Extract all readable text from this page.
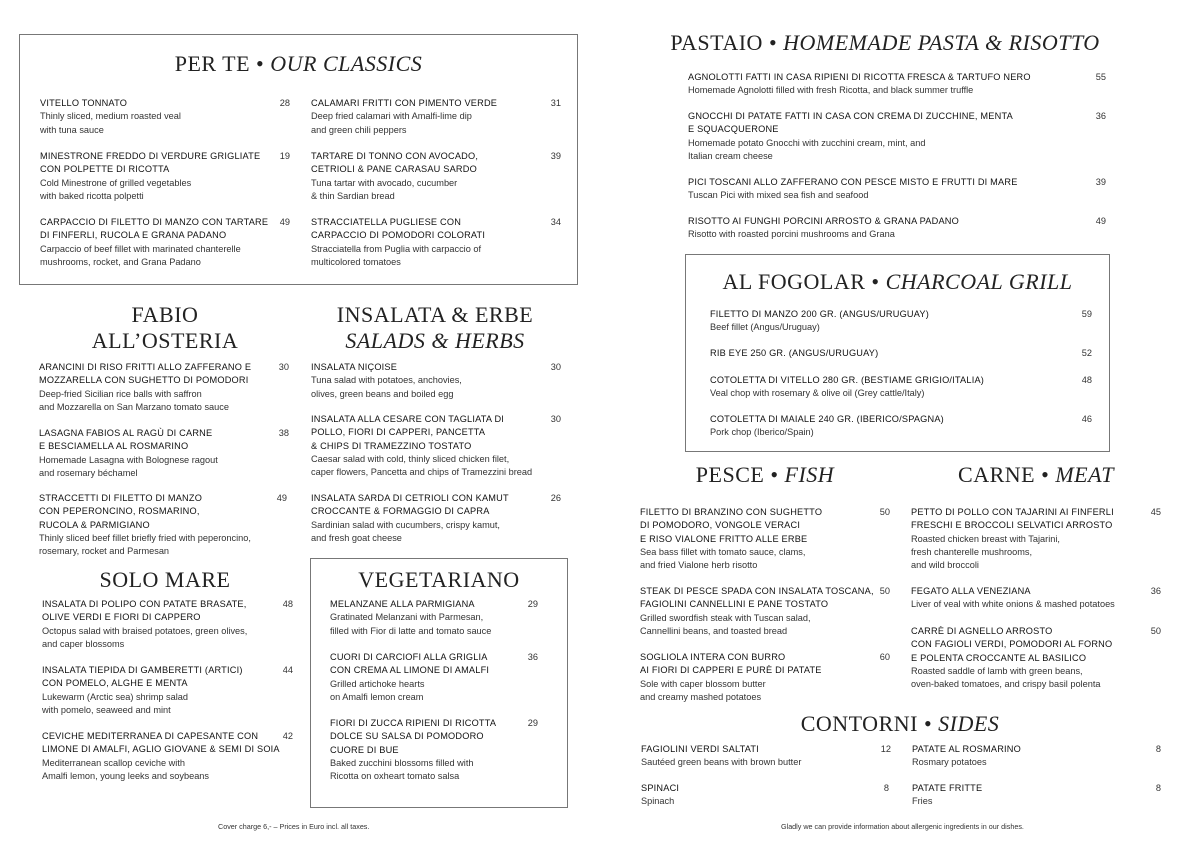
PER TE • OUR CLASSICS
VITELLO TONNATO
Thinly sliced, medium roasted veal
with tuna sauce
28
MINESTRONE FREDDO DI VERDURE GRIGLIATE
CON POLPETTE DI RICOTTA
Cold Minestrone of grilled vegetables
with baked ricotta polpetti
19
CARPACCIO DI FILETTO DI MANZO CON TARTARE
DI FINFERLI, RUCOLA E GRANA PADANO
Carpaccio of beef fillet with marinated chanterelle
mushrooms, rocket, and Grana Padano
49
CALAMARI FRITTI CON PIMENTO VERDE
Deep fried calamari with Amalfi-lime dip
and green chili peppers
31
TARTARE DI TONNO CON AVOCADO,
CETRIOLI & PANE CARASAU SARDO
Tuna tartar with avocado, cucumber
& thin Sardian bread
39
STRACCIATELLA PUGLIESE CON
CARPACCIO DI POMODORI COLORATI
Stracciatella from Puglia with carpaccio of
multicolored tomatoes
34
FABIO
ALL’OSTERIA
ARANCINI DI RISO FRITTI ALLO ZAFFERANO E
MOZZARELLA CON SUGHETTO DI POMODORI
Deep-fried Sicilian rice balls with saffron
and Mozzarella on San Marzano tomato sauce
30
LASAGNA FABIOS AL RAGÙ DI CARNE
E BESCIAMELLA AL ROSMARINO
Homemade Lasagna with Bolognese ragout
and rosemary béchamel
38
STRACCETTI DI FILETTO DI MANZO
CON PEPERONCINO, ROSMARINO,
RUCOLA & PARMIGIANO
Thinly sliced beef fillet briefly fried with peperoncino,
rosemary, rocket and Parmesan
49
INSALATA & ERBE
SALADS & HERBS
INSALATA NIÇOISE
Tuna salad with potatoes, anchovies,
olives, green beans and boiled egg
30
INSALATA ALLA CESARE CON TAGLIATA DI
POLLO, FIORI DI CAPPERI, PANCETTA
& CHIPS DI TRAMEZZINO TOSTATO
Caesar salad with cold, thinly sliced chicken filet,
caper flowers, Pancetta and chips of Tramezzini bread
30
INSALATA SARDA DI CETRIOLI CON KAMUT
CROCCANTE & FORMAGGIO DI CAPRA
Sardinian salad with cucumbers, crispy kamut,
and fresh goat cheese
26
SOLO MARE
INSALATA DI POLIPO CON PATATE BRASATE,
OLIVE VERDI E FIORI DI CAPPERO
Octopus salad with braised potatoes, green olives,
and caper blossoms
48
INSALATA TIEPIDA DI GAMBERETTI (ARTICI)
CON POMELO, ALGHE E MENTA
Lukewarm (Arctic sea) shrimp salad
with pomelo, seaweed and mint
44
CEVICHE MEDITERRANEA DI CAPESANTE CON
LIMONE DI AMALFI, AGLIO GIOVANE & SEMI DI SOIA
Mediterranean scallop ceviche with
Amalfi lemon, young leeks and soybeans
42
VEGETARIANO
MELANZANE ALLA PARMIGIANA
Gratinated Melanzani with Parmesan,
filled with Fior di latte and tomato sauce
29
CUORI DI CARCIOFI ALLA GRIGLIA
CON CREMA AL LIMONE DI AMALFI
Grilled artichoke hearts
on Amalfi lemon cream
36
FIORI DI ZUCCA RIPIENI DI RICOTTA
DOLCE SU SALSA DI POMODORO
CUORE DI BUE
Baked zucchini blossoms filled with
Ricotta on oxheart tomato salsa
29
Cover charge 6,- – Prices in Euro incl. all taxes.
PASTAIO • HOMEMADE PASTA & RISOTTO
AGNOLOTTI FATTI IN CASA RIPIENI DI RICOTTA FRESCA & TARTUFO NERO
Homemade Agnolotti filled with fresh Ricotta, and black summer truffle
55
GNOCCHI DI PATATE FATTI IN CASA CON CREMA DI ZUCCHINE, MENTA
E SQUACQUERONE
Homemade potato Gnocchi with zucchini cream, mint, and
Italian cream cheese
36
PICI TOSCANI ALLO ZAFFERANO CON PESCE MISTO E FRUTTI DI MARE
Tuscan Pici with mixed sea fish and seafood
39
RISOTTO AI FUNGHI PORCINI ARROSTO & GRANA PADANO
Risotto with roasted porcini mushrooms and Grana
49
AL FOGOLAR • CHARCOAL GRILL
FILETTO DI MANZO 200 GR. (ANGUS/URUGUAY)
Beef fillet (Angus/Uruguay)
59
RIB EYE 250 GR. (ANGUS/URUGUAY)	52
COTOLETTA DI VITELLO 280 GR. (BESTIAME GRIGIO/ITALIA)
Veal chop with rosemary & olive oil (Grey cattle/Italy)
48
COTOLETTA DI MAIALE 240 GR. (IBERICO/SPAGNA)
Pork chop (Iberico/Spain)
46
PESCE • FISH
FILETTO DI BRANZINO CON SUGHETTO
DI POMODORO, VONGOLE VERACI
E RISO VIALONE FRITTO ALLE ERBE
Sea bass fillet with tomato sauce, clams,
and fried Vialone herb risotto
50
STEAK DI PESCE SPADA CON INSALATA TOSCANA,
FAGIOLINI CANNELLINI E PANE TOSTATO
Grilled swordfish steak with Tuscan salad,
Cannellini beans, and toasted bread
50
SOGLIOLA INTERA CON BURRO
AI FIORI DI CAPPERI E PURÈ DI PATATE
Sole with caper blossom butter
and creamy mashed potatoes
60
CARNE • MEAT
PETTO DI POLLO CON TAJARINI AI FINFERLI
FRESCHI E BROCCOLI SELVATICI ARROSTO
Roasted chicken breast with Tajarini,
fresh chanterelle mushrooms,
and wild broccoli
45
FEGATO ALLA VENEZIANA
Liver of veal with white onions & mashed potatoes
36
CARRÈ DI AGNELLO ARROSTO
CON FAGIOLI VERDI, POMODORI AL FORNO
E POLENTA CROCCANTE AL BASILICO
Roasted saddle of lamb with green beans,
oven-baked tomatoes, and crispy basil polenta
50
CONTORNI • SIDES
FAGIOLINI VERDI SALTATI
Sautéed green beans with brown butter
12
SPINACI
Spinach
8
PATATE AL ROSMARINO
Rosmary potatoes
8
PATATE FRITTE
Fries
8
Gladly we can provide information about allergenic ingredients in our dishes.
